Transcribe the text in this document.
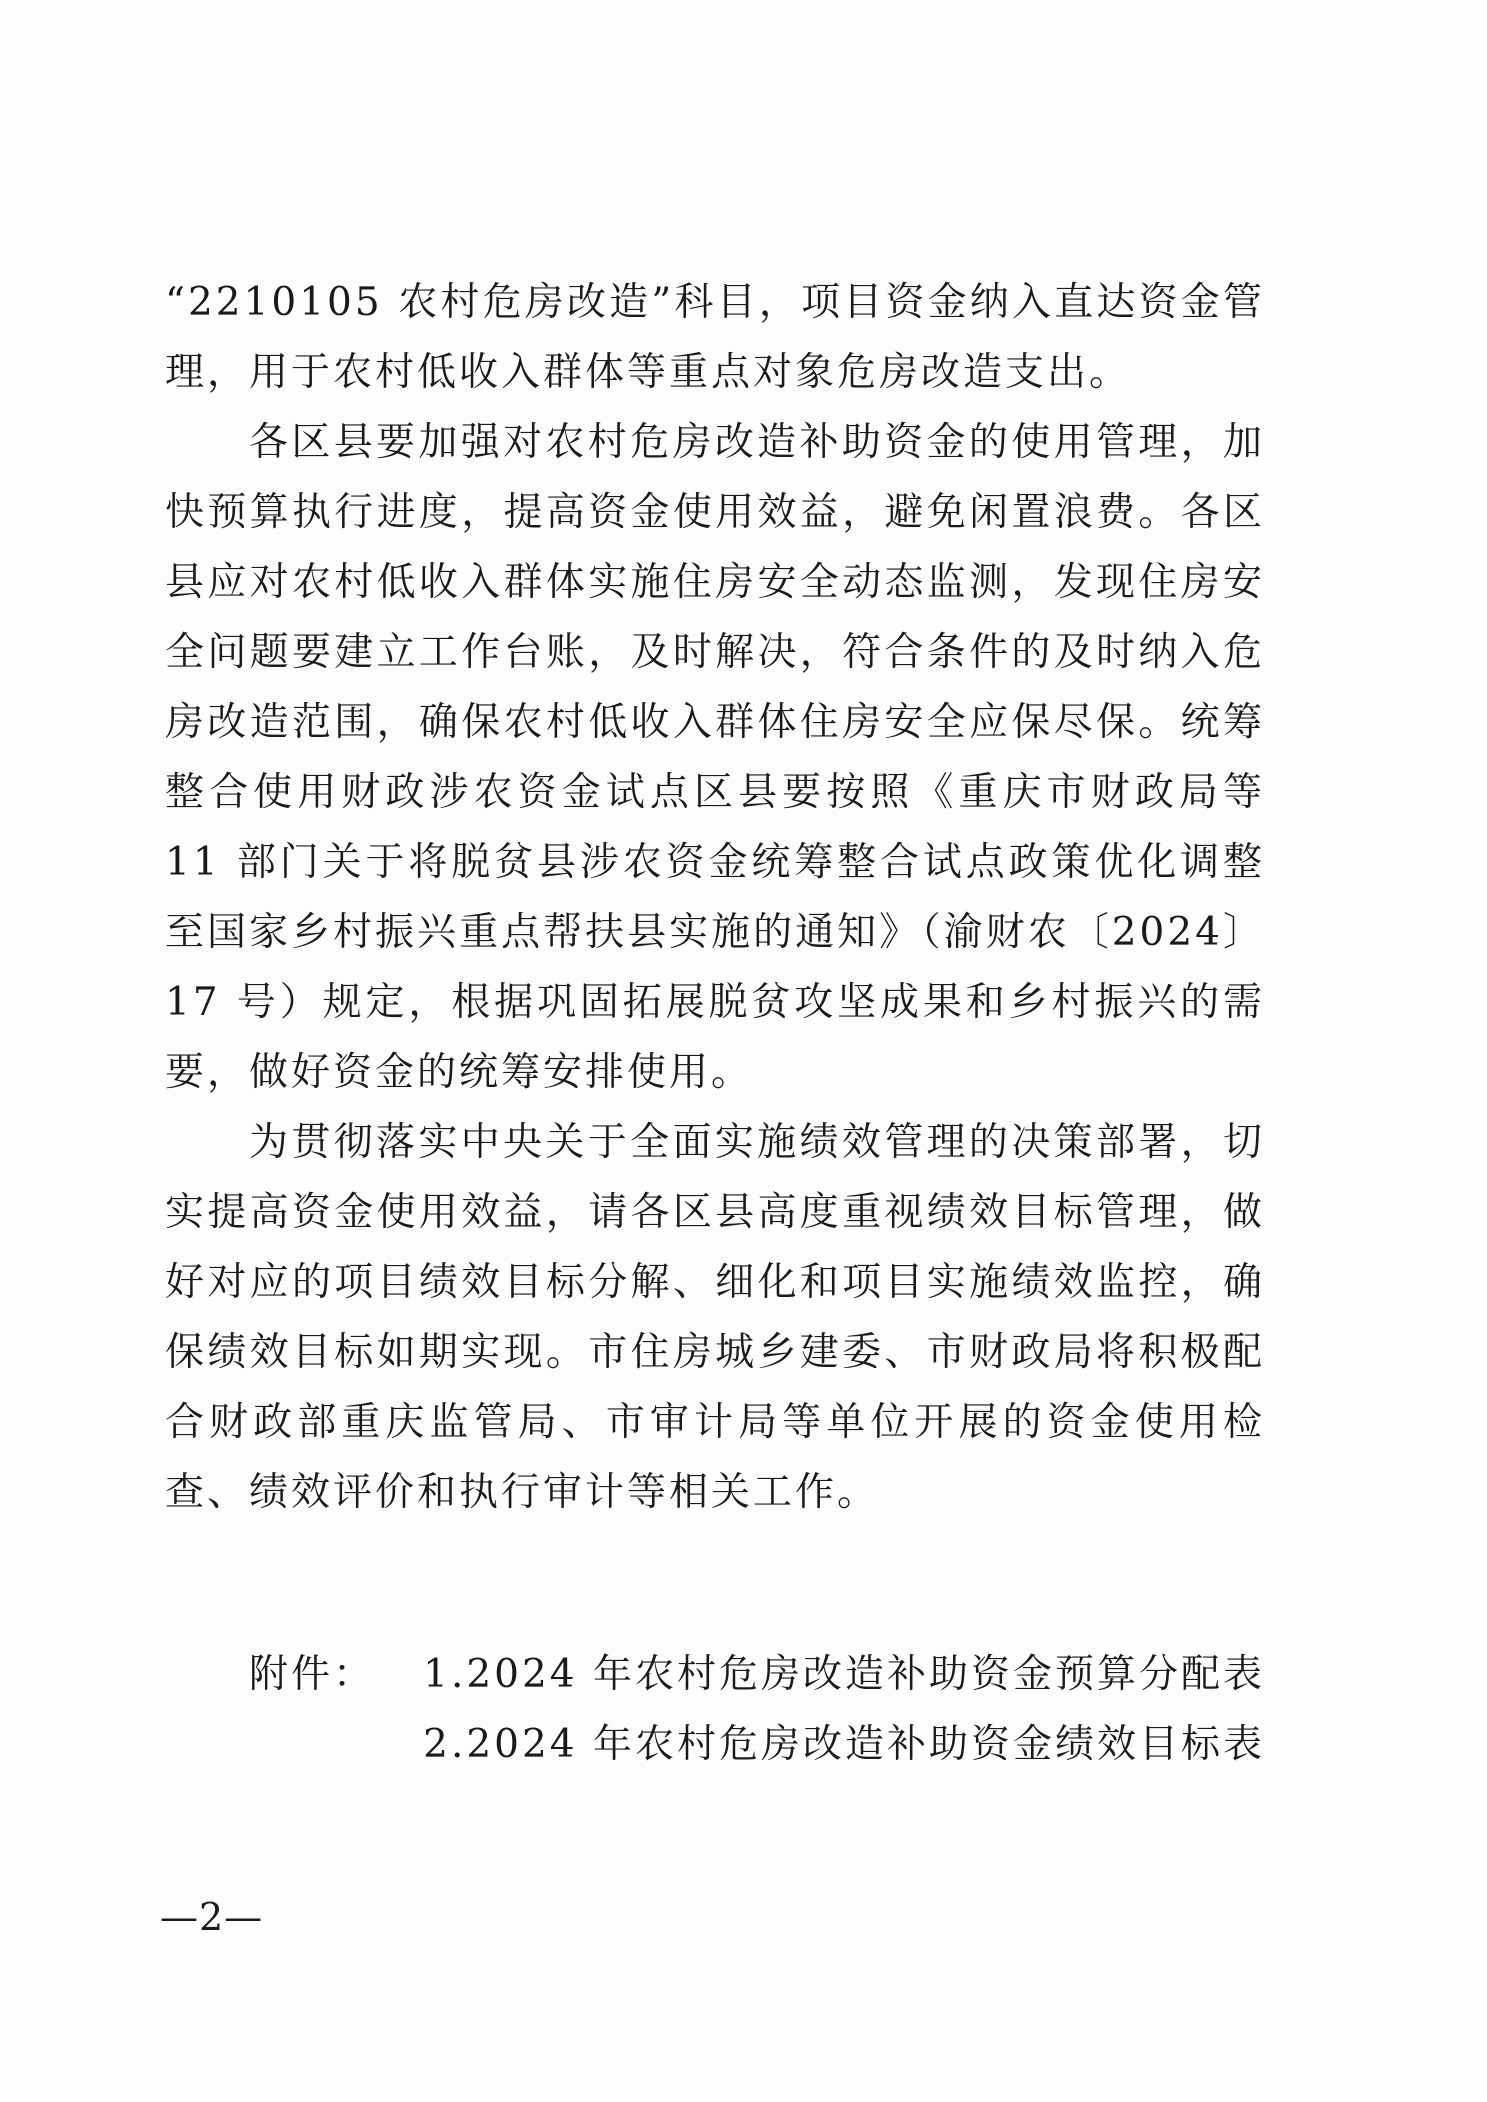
“2210105 农村危房改造”科目，项目资金纳入直达资金管理，用于农村低收入群体等重点对象危房改造支出。

各区县要加强对农村危房改造补助资金的使用管理，加快预算执行进度，提高资金使用效益，避免闲置浪费。各区县应对农村低收入群体实施住房安全动态监测，发现住房安全问题要建立工作台账，及时解决，符合条件的及时纳入危房改造范围，确保农村低收入群体住房安全应保尽保。统筹整合使用财政涉农资金试点区县要按照《重庆市财政局等 11 部门关于将脱贫县涉农资金统筹整合试点政策优化调整至国家乡村振兴重点帮扶县实施的通知》（渝财农〔2024〕17 号）规定，根据巩固拓展脱贫攻坚成果和乡村振兴的需要，做好资金的统筹安排使用。

为贯彻落实中央关于全面实施绩效管理的决策部署，切实提高资金使用效益，请各区县高度重视绩效目标管理，做好对应的项目绩效目标分解、细化和项目实施绩效监控，确保绩效目标如期实现。市住房城乡建委、市财政局将积极配合财政部重庆监管局、市审计局等单位开展的资金使用检查、绩效评价和执行审计等相关工作。

附件：	1.2024 年农村危房改造补助资金预算分配表
2.2024 年农村危房改造补助资金绩效目标表
—2—
